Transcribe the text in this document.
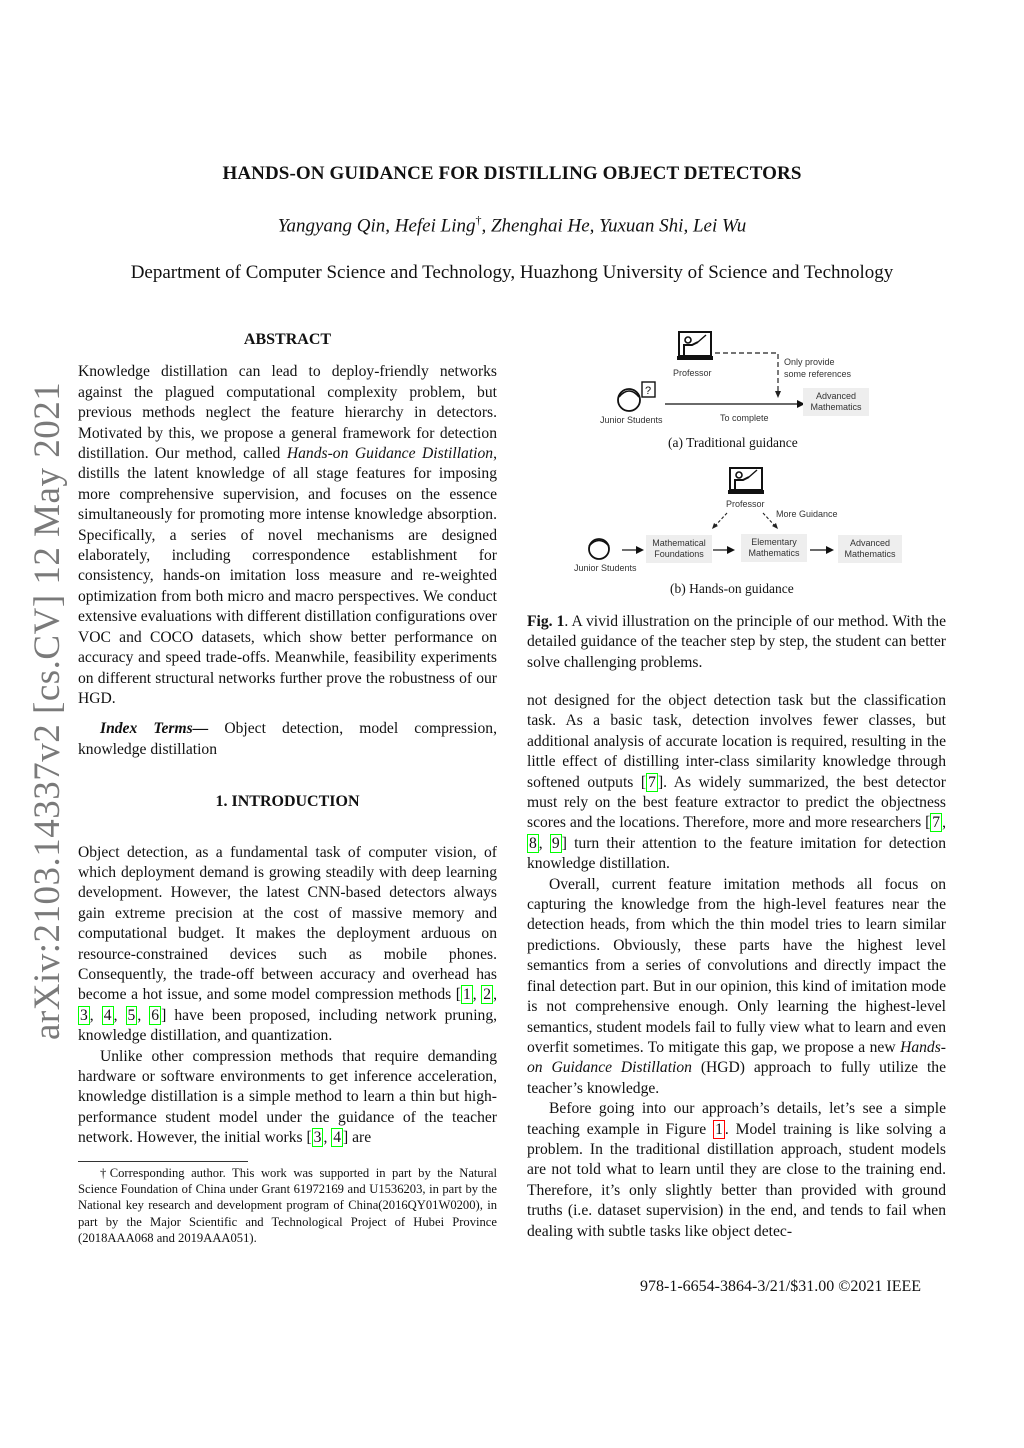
HANDS-ON GUIDANCE FOR DISTILLING OBJECT DETECTORS
Yangyang Qin, Hefei Ling†, Zhenghai He, Yuxuan Shi, Lei Wu
Department of Computer Science and Technology, Huazhong University of Science and Technology
arXiv:2103.14337v2 [cs.CV] 12 May 2021
ABSTRACT

Knowledge distillation can lead to deploy-friendly networks against the plagued computational complexity problem, but previous methods neglect the feature hierarchy in detectors. Motivated by this, we propose a general framework for detection distillation. Our method, called Hands-on Guidance Distillation, distills the latent knowledge of all stage features for imposing more comprehensive supervision, and focuses on the essence simultaneously for promoting more intense knowledge absorption. Specifically, a series of novel mechanisms are designed elaborately, including correspondence establishment for consistency, hands-on imitation loss measure and re-weighted optimization from both micro and macro perspectives. We conduct extensive evaluations with different distillation configurations over VOC and COCO datasets, which show better performance on accuracy and speed trade-offs. Meanwhile, feasibility experiments on different structural networks further prove the robustness of our HGD.

Index Terms— Object detection, model compression, knowledge distillation

1. INTRODUCTION

Object detection, as a fundamental task of computer vision, of which deployment demand is growing steadily with deep learning development. However, the latest CNN-based detectors always gain extreme precision at the cost of massive memory and computational budget. It makes the deployment arduous on resource-constrained devices such as mobile phones. Consequently, the trade-off between accuracy and overhead has become a hot issue, and some model compression methods [ 1 , 2 , 3 , 4 , 5 , 6 ] have been proposed, including network pruning, knowledge distillation, and quantization.

Unlike other compression methods that require demanding hardware or software environments to get inference acceleration, knowledge distillation is a simple method to learn a thin but high-performance student model under the guidance of the teacher network. However, the initial works [ 3 , 4 ] are

†Corresponding author. This work was supported in part by the Natural Science Foundation of China under Grant 61972169 and U1536203, in part by the National key research and development program of China(2016QY01W0200), in part by the Major Scientific and Technological Project of Hubei Province (2018AAA068 and 2019AAA051).

Professor
Only provide
some references
?
Junior Students	To complete
Advanced
Mathematics
(a) Traditional guidance
Professor
More Guidance
Junior Students
Mathematical
Foundations
Elementary
Mathematics
Advanced
Mathematics
(b) Hands-on guidance

Fig. 1. A vivid illustration on the principle of our method. With the detailed guidance of the teacher step by step, the student can better solve challenging problems.

not designed for the object detection task but the classification task. As a basic task, detection involves fewer classes, but additional analysis of accurate location is required, resulting in the little effect of distilling inter-class similarity knowledge through softened outputs [ 7 ]. As widely summarized, the best detector must rely on the best feature extractor to predict the objectness scores and the locations. Therefore, more and more researchers [ 7 , 8 , 9 ] turn their attention to the feature imitation for detection knowledge distillation.

Overall, current feature imitation methods all focus on capturing the knowledge from the high-level features near the detection heads, from which the thin model tries to learn similar predictions. Obviously, these parts have the highest level semantics from a series of convolutions and directly impact the final detection part. But in our opinion, this kind of imitation mode is not comprehensive enough. Only learning the highest-level semantics, student models fail to fully view what to learn and even overfit sometimes. To mitigate this gap, we propose a new Hands-on Guidance Distillation (HGD) approach to fully utilize the teacher’s knowledge.

Before going into our approach’s details, let’s see a simple teaching example in Figure 1 . Model training is like solving a problem. In the traditional distillation approach, student models are not told what to learn until they are close to the training end. Therefore, it’s only slightly better than provided with ground truths (i.e. dataset supervision) in the end, and tends to fail when dealing with subtle tasks like object detec-

978-1-6654-3864-3/21/$31.00 ©2021 IEEE
